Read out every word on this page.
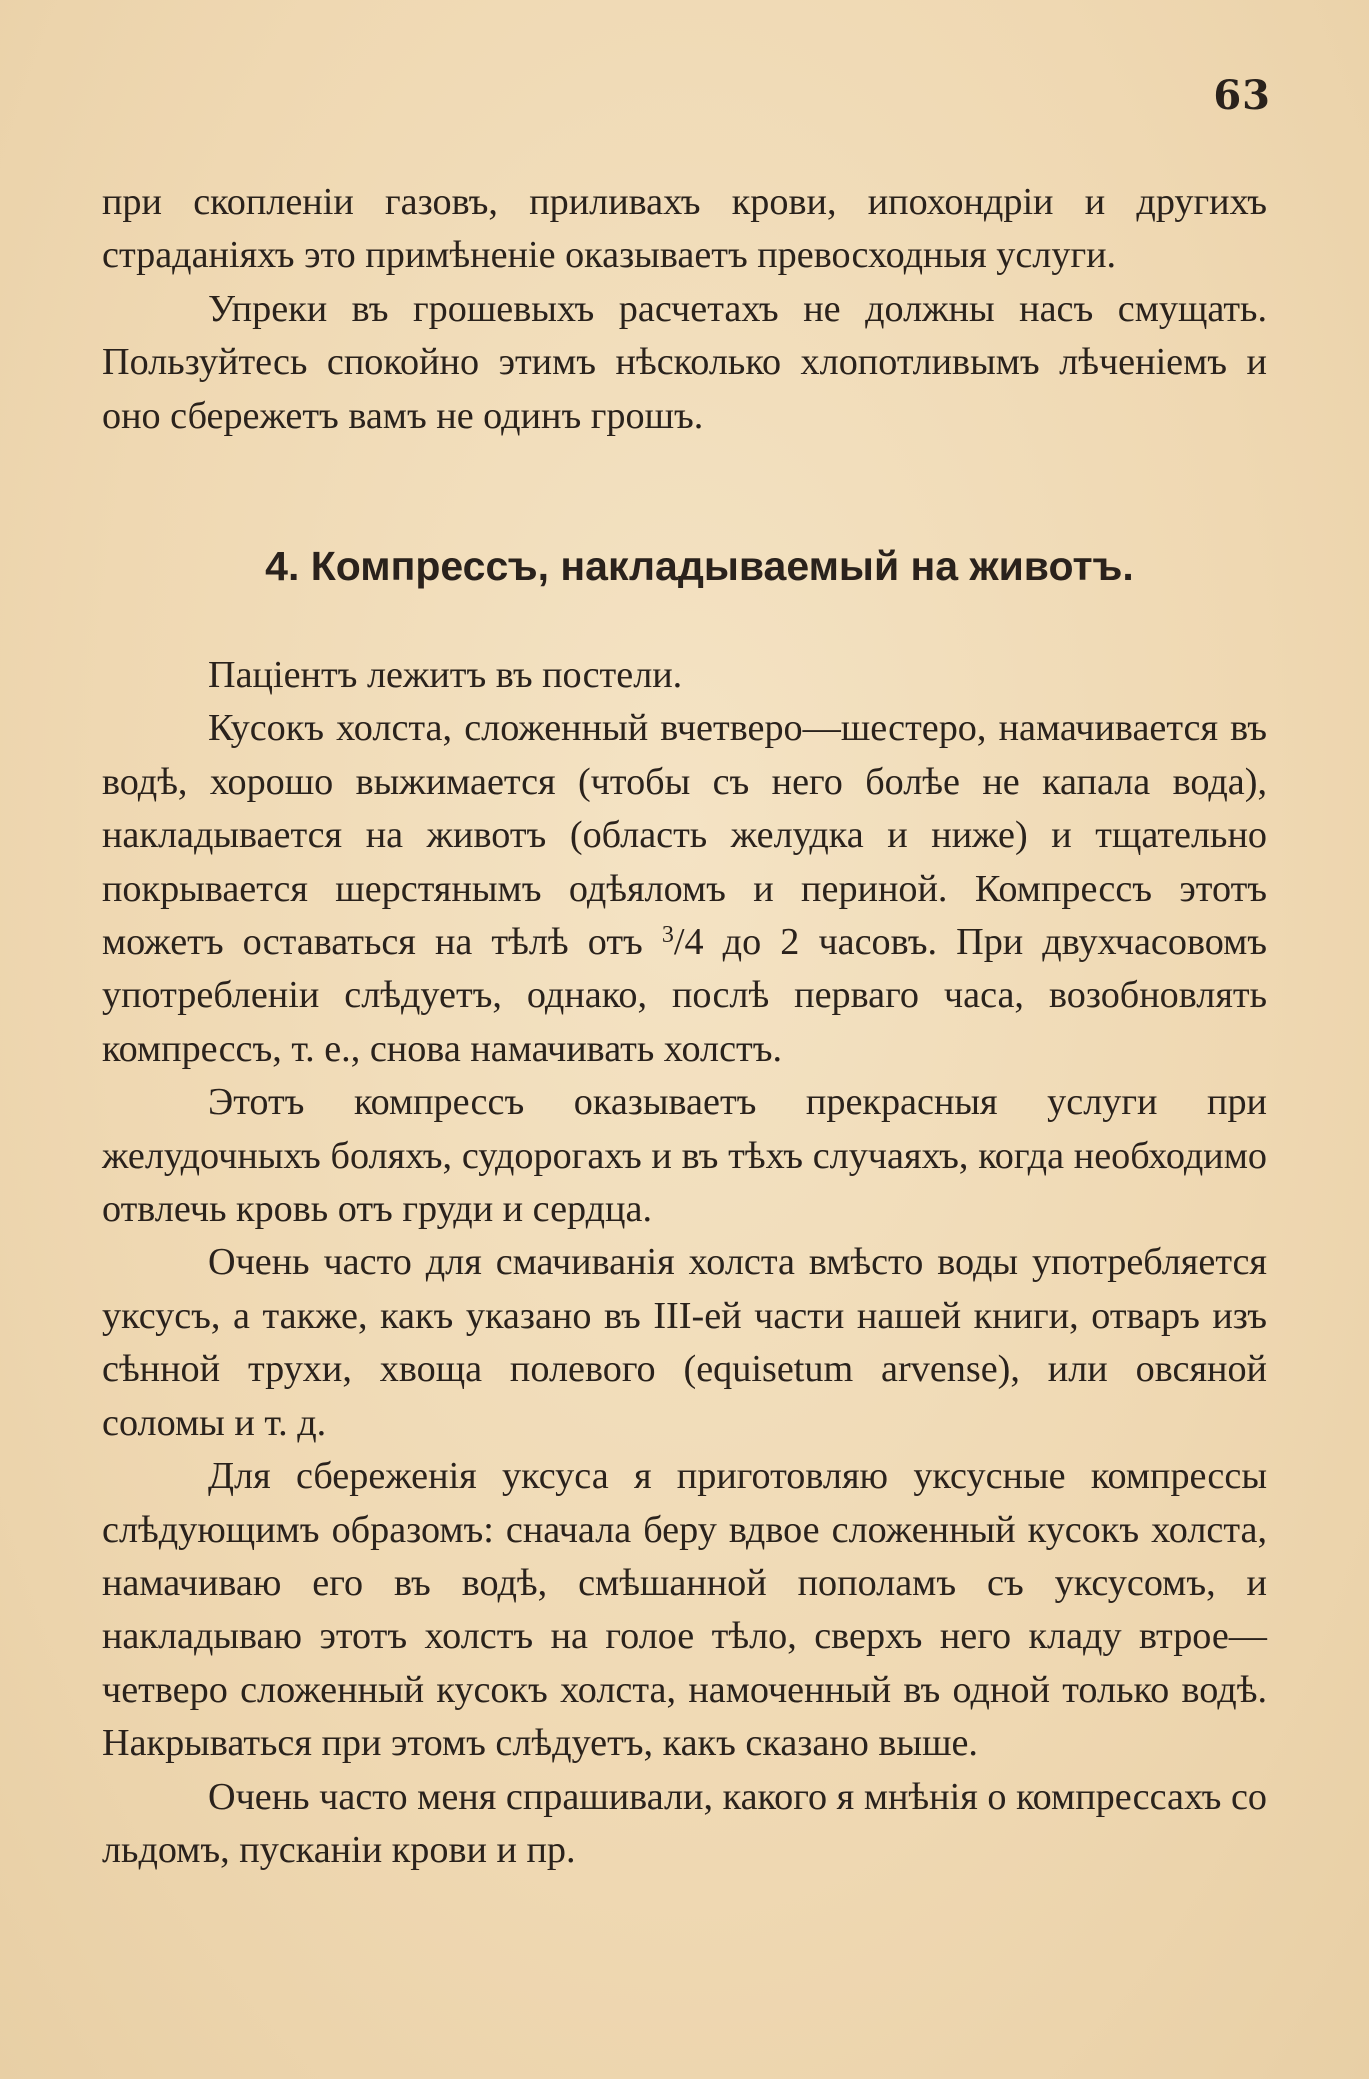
63

при скопленіи газовъ, приливахъ крови, ипохондріи и другихъ страданіяхъ это примѣненіе оказываетъ превосходныя услуги.

Упреки въ грошевыхъ расчетахъ не должны насъ смущать. Пользуйтесь спокойно этимъ нѣсколько хлопотливымъ лѣченіемъ и оно сбережетъ вамъ не одинъ грошъ.

4. Компрессъ, накладываемый на животъ.

Паціентъ лежитъ въ постели.

Кусокъ холста, сложенный вчетверо—шестеро, намачивается въ водѣ, хорошо выжимается (чтобы съ него болѣе не капала вода), накладывается на животъ (область желудка и ниже) и тщательно покрывается шерстянымъ одѣяломъ и периной. Компрессъ этотъ можетъ оставаться на тѣлѣ отъ $^3$/4 до 2 часовъ. При двухчасовомъ употребленіи слѣдуетъ, однако, послѣ перваго часа, возобновлять компрессъ, т. е., снова намачивать холстъ.

Этотъ компрессъ оказываетъ прекрасныя услуги при желудочныхъ боляхъ, судорогахъ и въ тѣхъ случаяхъ, когда необходимо отвлечь кровь отъ груди и сердца.

Очень часто для смачиванія холста вмѣсто воды употребляется уксусъ, а также, какъ указано въ III-ей части нашей книги, отваръ изъ сѣнной трухи, хвоща полевого (equisetum arvense), или овсяной соломы и т. д.

Для сбереженія уксуса я приготовляю уксусные компрессы слѣдующимъ образомъ: сначала беру вдвое сложенный кусокъ холста, намачиваю его въ водѣ, смѣшанной пополамъ съ уксусомъ, и накладываю этотъ холстъ на голое тѣло, сверхъ него кладу втрое—четверо сложенный кусокъ холста, намоченный въ одной только водѣ. Накрываться при этомъ слѣдуетъ, какъ сказано выше.

Очень часто меня спрашивали, какого я мнѣнія о компрессахъ со льдомъ, пусканіи крови и пр.
